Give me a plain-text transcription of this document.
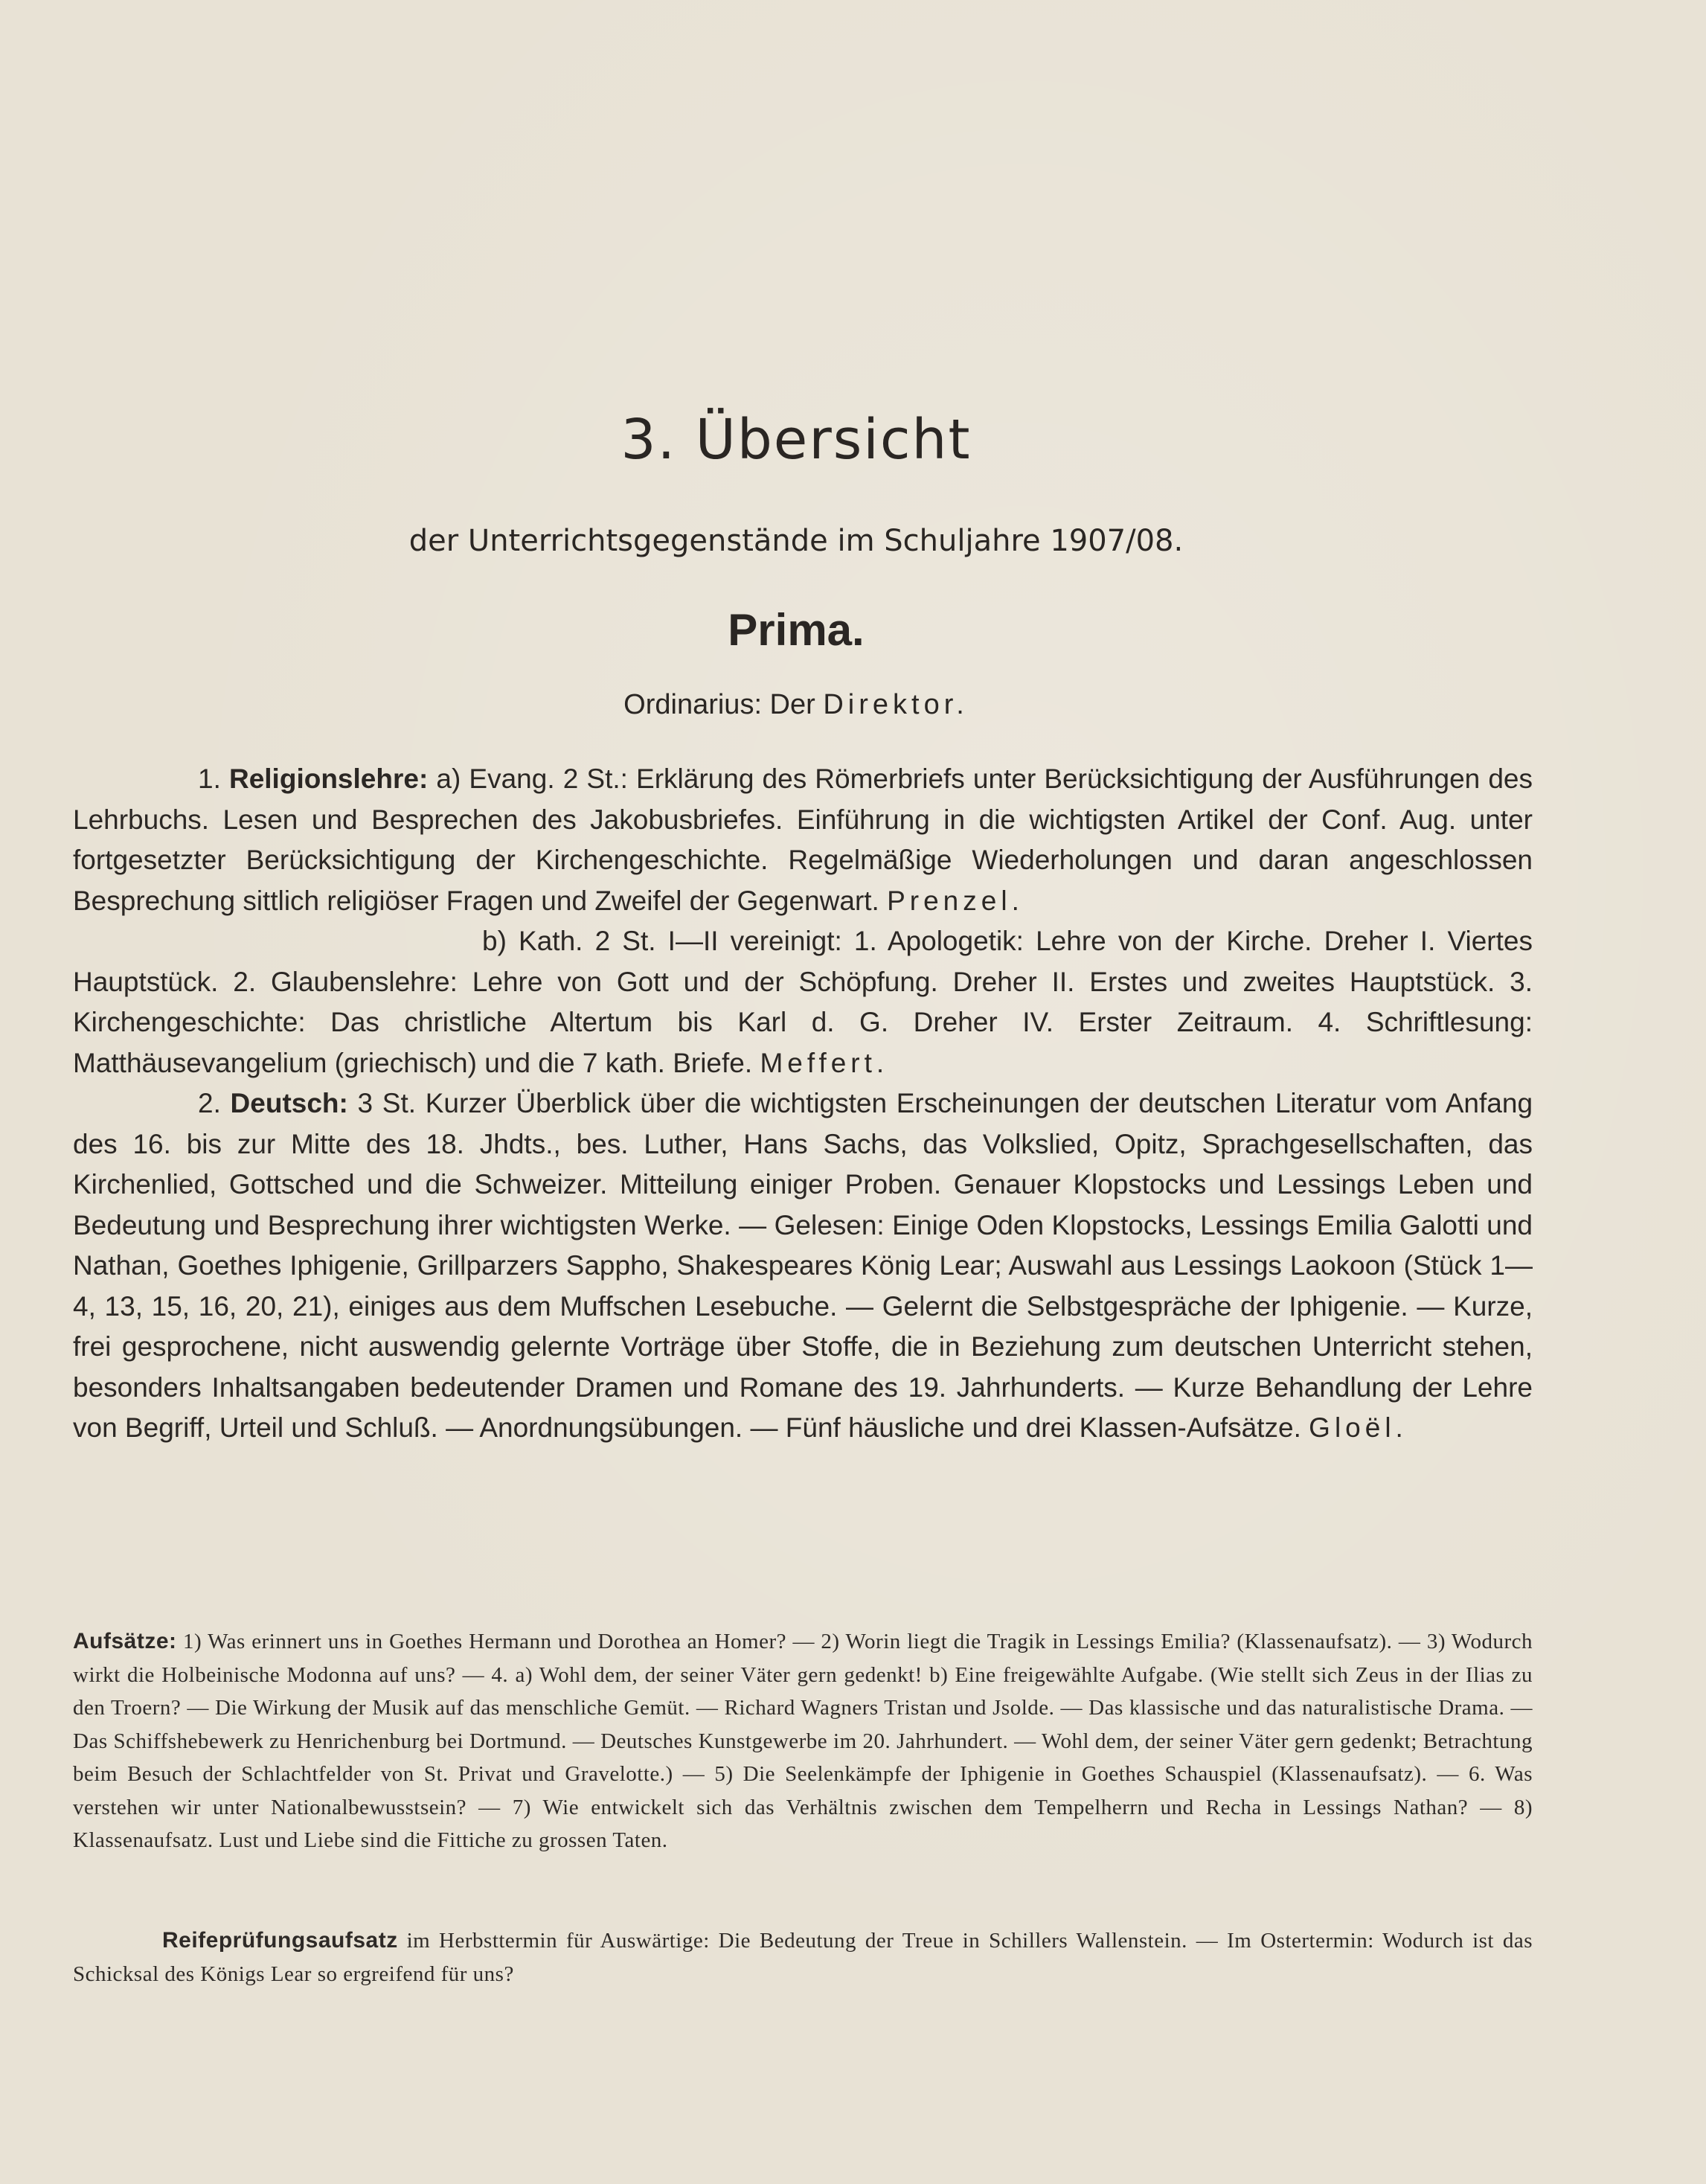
3. Übersicht
der Unterrichtsgegenstände im Schuljahre 1907/08.
Prima.
Ordinarius: Der Direktor.

1. Religionslehre: a) Evang. 2 St.: Erklärung des Römerbriefs unter Berücksichtigung der Ausführungen des Lehrbuchs. Lesen und Besprechen des Jakobusbriefes. Einführung in die wichtigsten Artikel der Conf. Aug. unter fortgesetzter Berücksichtigung der Kirchengeschichte. Regelmäßige Wiederholungen und daran angeschlossen Besprechung sittlich religiöser Fragen und Zweifel der Gegenwart. Prenzel.

b) Kath. 2 St. I—II vereinigt: 1. Apologetik: Lehre von der Kirche. Dreher I. Viertes Hauptstück. 2. Glaubenslehre: Lehre von Gott und der Schöpfung. Dreher II. Erstes und zweites Hauptstück. 3. Kirchengeschichte: Das christliche Altertum bis Karl d. G. Dreher IV. Erster Zeitraum. 4. Schriftlesung: Matthäusevangelium (griechisch) und die 7 kath. Briefe. Meffert.

2. Deutsch: 3 St. Kurzer Überblick über die wichtigsten Erscheinungen der deutschen Literatur vom Anfang des 16. bis zur Mitte des 18. Jhdts., bes. Luther, Hans Sachs, das Volkslied, Opitz, Sprachgesellschaften, das Kirchenlied, Gottsched und die Schweizer. Mitteilung einiger Proben. Genauer Klopstocks und Lessings Leben und Bedeutung und Besprechung ihrer wichtigsten Werke. — Gelesen: Einige Oden Klopstocks, Lessings Emilia Galotti und Nathan, Goethes Iphigenie, Grillparzers Sappho, Shakespeares König Lear; Auswahl aus Lessings Laokoon (Stück 1—4, 13, 15, 16, 20, 21), einiges aus dem Muffschen Lesebuche. — Gelernt die Selbstgespräche der Iphigenie. — Kurze, frei gesprochene, nicht auswendig gelernte Vorträge über Stoffe, die in Beziehung zum deutschen Unterricht stehen, besonders Inhaltsangaben bedeutender Dramen und Romane des 19. Jahrhunderts. — Kurze Behandlung der Lehre von Begriff, Urteil und Schluß. — Anordnungsübungen. — Fünf häusliche und drei Klassen-Aufsätze. Gloël.

Aufsätze: 1) Was erinnert uns in Goethes Hermann und Dorothea an Homer? — 2) Worin liegt die Tragik in Lessings Emilia? (Klassenaufsatz). — 3) Wodurch wirkt die Holbeinische Modonna auf uns? — 4. a) Wohl dem, der seiner Väter gern gedenkt! b) Eine freigewählte Aufgabe. (Wie stellt sich Zeus in der Ilias zu den Troern? — Die Wirkung der Musik auf das menschliche Gemüt. — Richard Wagners Tristan und Jsolde. — Das klassische und das naturalistische Drama. — Das Schiffshebewerk zu Henrichenburg bei Dortmund. — Deutsches Kunstgewerbe im 20. Jahrhundert. — Wohl dem, der seiner Väter gern gedenkt; Betrachtung beim Besuch der Schlachtfelder von St. Privat und Gravelotte.) — 5) Die Seelenkämpfe der Iphigenie in Goethes Schauspiel (Klassenaufsatz). — 6. Was verstehen wir unter Nationalbewusstsein? — 7) Wie entwickelt sich das Verhältnis zwischen dem Tempelherrn und Recha in Lessings Nathan? — 8) Klassenaufsatz. Lust und Liebe sind die Fittiche zu grossen Taten.
Reifeprüfungsaufsatz im Herbsttermin für Auswärtige: Die Bedeutung der Treue in Schillers Wallenstein. — Im Ostertermin: Wodurch ist das Schicksal des Königs Lear so ergreifend für uns?
